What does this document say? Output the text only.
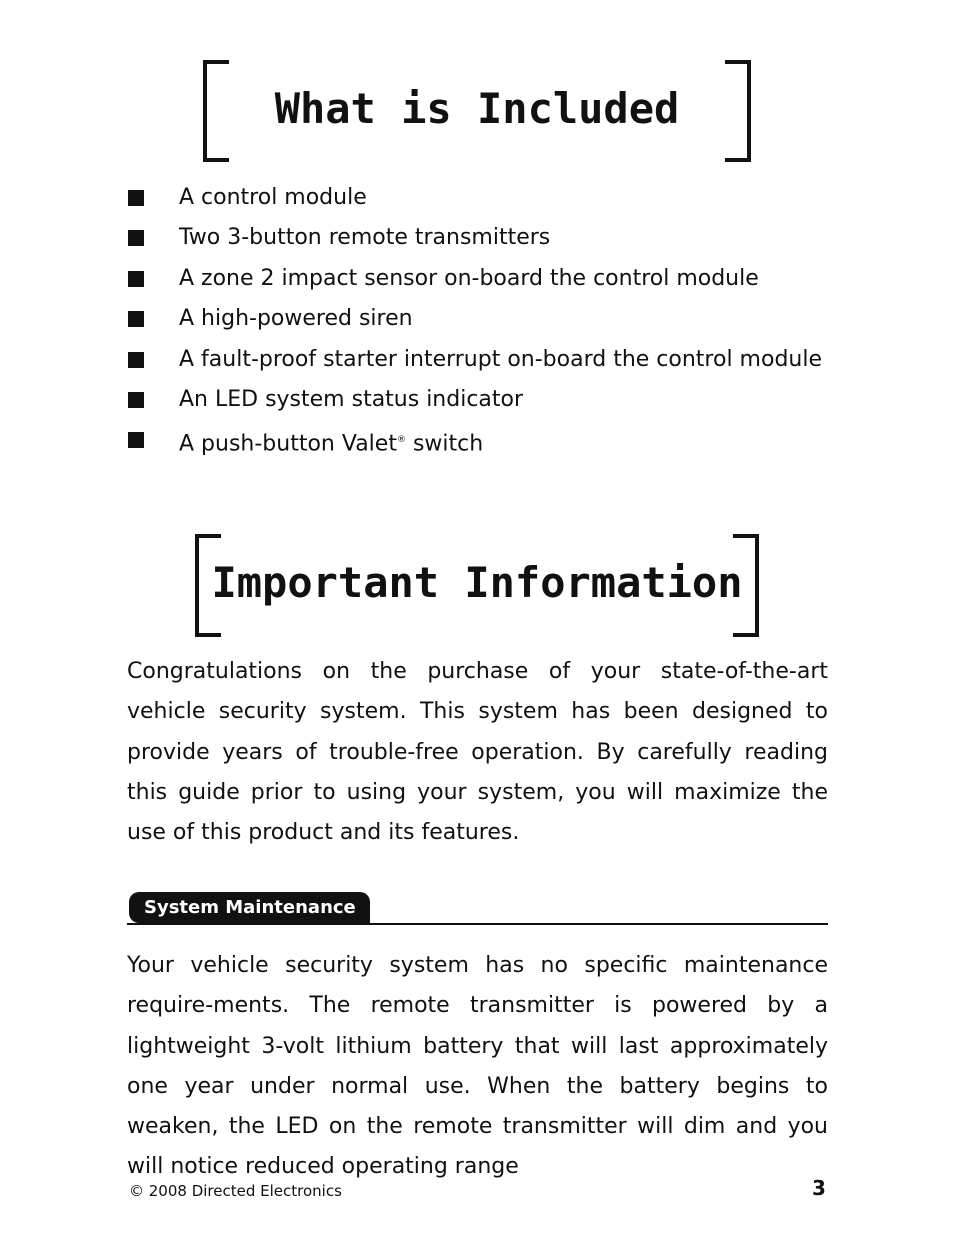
What is Included
A control module
Two 3-button remote transmitters
A zone 2 impact sensor on-board the control module
A high-powered siren
A fault-proof starter interrupt on-board the control module
An LED system status indicator
A push-button Valet® switch
Important Information

Congratulations on the purchase of your state-of-the-art vehicle security system. This system has been designed to provide years of trouble-free operation. By carefully reading this guide prior to using your system, you will maximize the use of this product and its features.

System Maintenance

Your vehicle security system has no specific maintenance require-ments. The remote transmitter is powered by a lightweight 3-volt lithium battery that will last approximately one year under normal use. When the battery begins to weaken, the LED on the remote transmitter will dim and you will notice reduced operating range

© 2008 Directed Electronics	3
